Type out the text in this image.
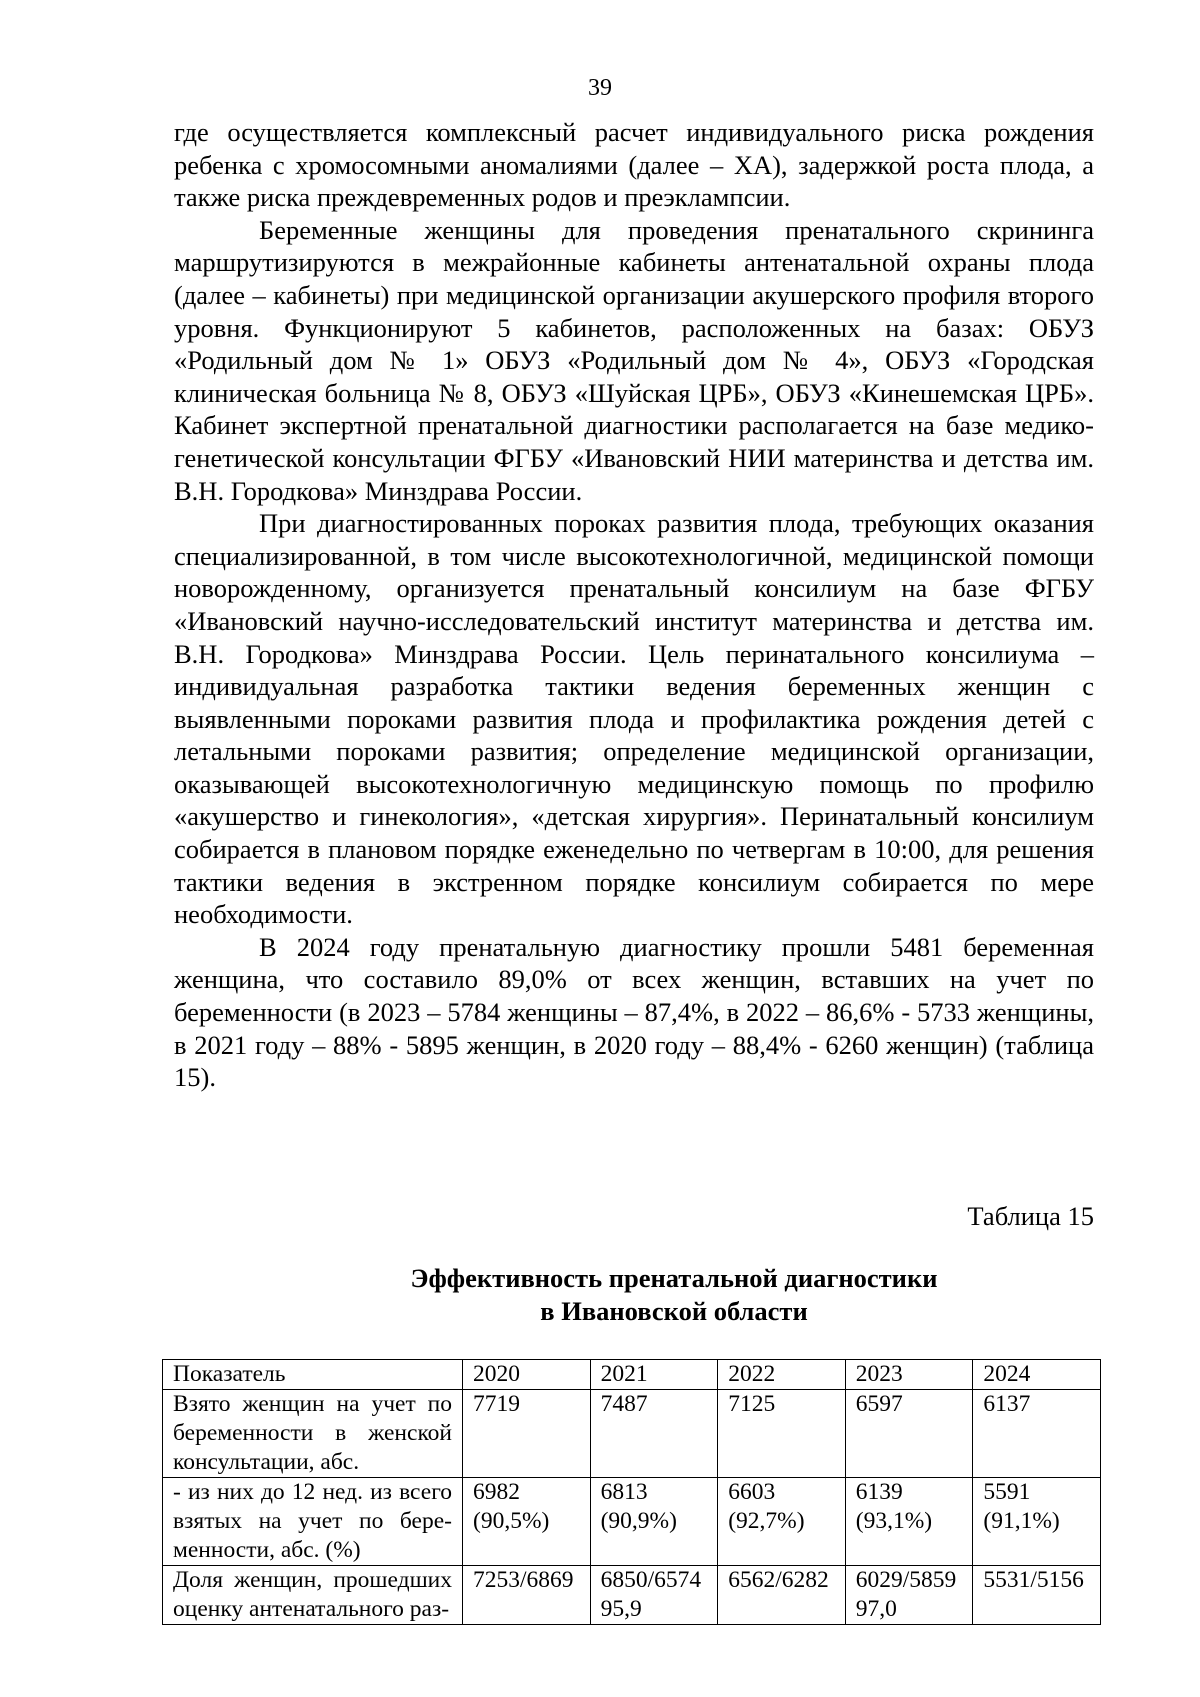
39

где осуществляется комплексный расчет индивидуального риска рождения ребенка с хромосомными аномалиями (далее – ХА), задержкой роста плода, а также риска преждевременных родов и преэклампсии.

Беременные женщины для проведения пренатального скрининга маршрутизируются в межрайонные кабинеты антенатальной охраны плода (далее – кабинеты) при медицинской организации акушерского профиля второго уровня. Функционируют 5 кабинетов, расположенных на базах: ОБУЗ «Родильный дом № 1» ОБУЗ «Родильный дом № 4», ОБУЗ «Городская клиническая больница № 8, ОБУЗ «Шуйская ЦРБ», ОБУЗ «Кинешемская ЦРБ». Кабинет экспертной пренатальной диагностики располагается на базе медико-генетической консультации ФГБУ «Ивановский НИИ материнства и детства им. В.Н. Городкова» Минздрава России.

При диагностированных пороках развития плода, требующих оказания специализированной, в том числе высокотехнологичной, медицинской помощи новорожденному, организуется пренатальный консилиум на базе ФГБУ «Ивановский научно-исследовательский институт материнства и детства им. В.Н. Городкова» Минздрава России. Цель перинатального консилиума – индивидуальная разработка тактики ведения беременных женщин с выявленными пороками развития плода и профилактика рождения детей с летальными пороками развития; определение медицинской организации, оказывающей высокотехнологичную медицинскую помощь по профилю «акушерство и гинекология», «детская хирургия». Перинатальный консилиум собирается в плановом порядке еженедельно по четвергам в 10:00, для решения тактики ведения в экстренном порядке консилиум собирается по мере необходимости.

В 2024 году пренатальную диагностику прошли 5481 беременная женщина, что составило 89,0% от всех женщин, вставших на учет по беременности (в 2023 – 5784 женщины – 87,4%, в 2022 – 86,6% - 5733 женщины, в 2021 году – 88% - 5895 женщин, в 2020 году – 88,4% - 6260 женщин) (таблица 15).

Таблица 15
Эффективность пренатальной диагностики
в Ивановской области
Показатель	2020	2021	2022	2023	2024
Взято женщин на учет по беременности в женской консультации, абс.	7719	7487	7125	6597	6137
- из них до 12 нед. из всего взятых на учет по бере-менности, абс. (%)	6982 (90,5%)	6813 (90,9%)	6603 (92,7%)	6139 (93,1%)	5591 (91,1%)
Доля женщин, прошедших оценку антенатального раз-	7253/6869	6850/6574 95,9	6562/6282	6029/5859 97,0	5531/5156
